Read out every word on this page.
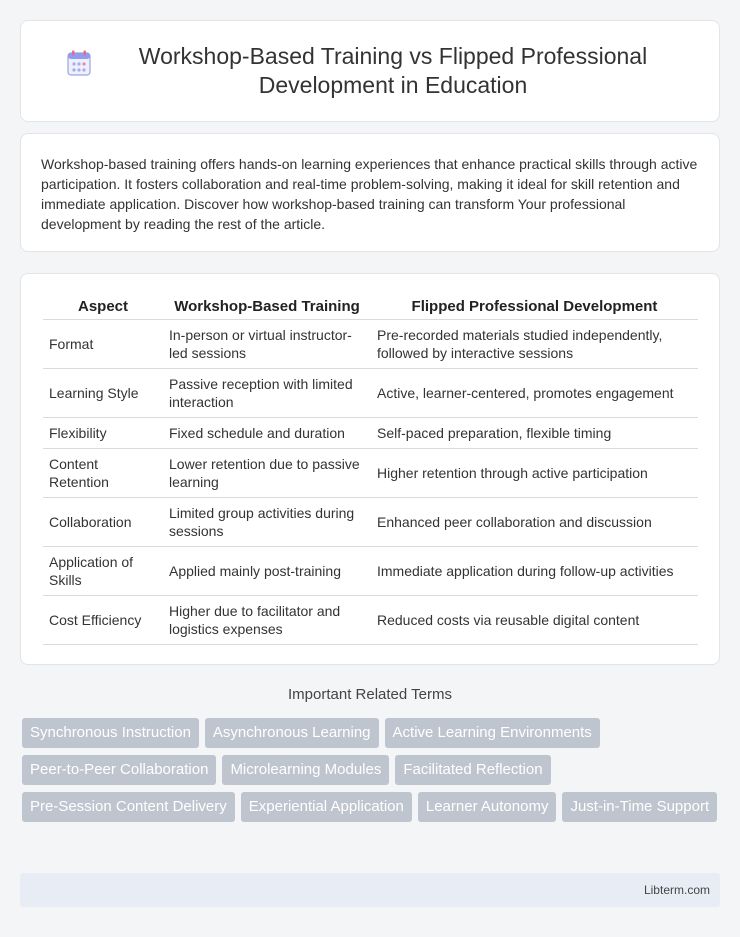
Workshop-Based Training vs Flipped Professional Development in Education

Workshop-based training offers hands-on learning experiences that enhance practical skills through active participation. It fosters collaboration and real-time problem-solving, making it ideal for skill retention and immediate application. Discover how workshop-based training can transform Your professional development by reading the rest of the article.

Aspect	Workshop-Based Training	Flipped Professional Development
Format	In-person or virtual instructor-led sessions	Pre-recorded materials studied independently, followed by interactive sessions
Learning Style	Passive reception with limited interaction	Active, learner-centered, promotes engagement
Flexibility	Fixed schedule and duration	Self-paced preparation, flexible timing
Content Retention	Lower retention due to passive learning	Higher retention through active participation
Collaboration	Limited group activities during sessions	Enhanced peer collaboration and discussion
Application of Skills	Applied mainly post-training	Immediate application during follow-up activities
Cost Efficiency	Higher due to facilitator and logistics expenses	Reduced costs via reusable digital content
Important Related Terms
Synchronous Instruction	Asynchronous Learning	Active Learning Environments
Peer-to-Peer Collaboration	Microlearning Modules	Facilitated Reflection
Pre-Session Content Delivery	Experiential Application	Learner Autonomy	Just-in-Time Support
Libterm.com
